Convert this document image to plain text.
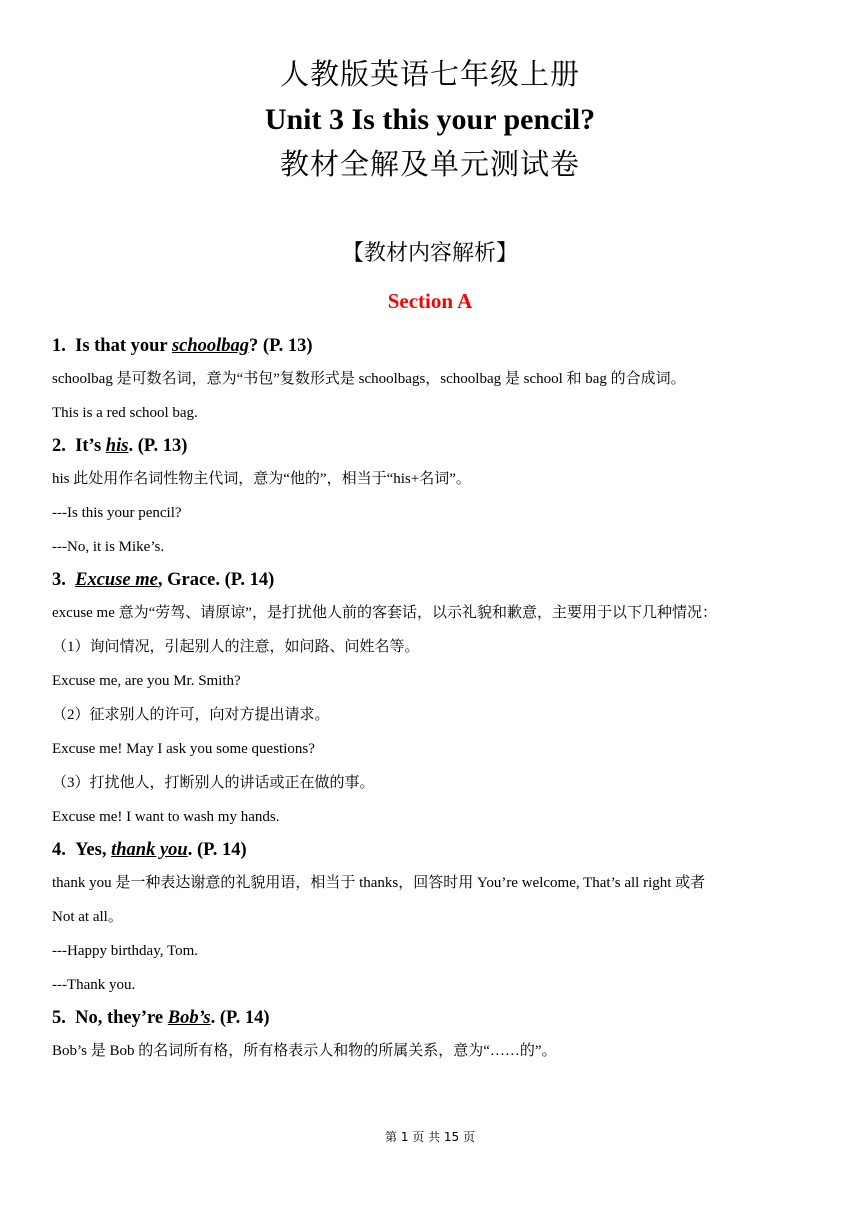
人教版英语七年级上册
Unit 3 Is this your pencil?
教材全解及单元测试卷
【教材内容解析】
Section A
1. Is that your schoolbag? (P. 13)
schoolbag 是可数名词，意为“书包”复数形式是 schoolbags，schoolbag 是 school 和 bag 的合成词。
This is a red school bag.
2. It’s his. (P. 13)
his 此处用作名词性物主代词，意为“他的”，相当于“his+名词”。
---Is this your pencil?
---No, it is Mike’s.
3. Excuse me, Grace. (P. 14)
excuse me 意为“劳驾、请原谅”，是打扰他人前的客套话，以示礼貌和歉意，主要用于以下几种情况：
（1）询问情况，引起别人的注意，如问路、问姓名等。
Excuse me, are you Mr. Smith?
（2）征求别人的许可，向对方提出请求。
Excuse me! May I ask you some questions?
（3）打扰他人，打断别人的讲话或正在做的事。
Excuse me! I want to wash my hands.
4. Yes, thank you. (P. 14)
thank you 是一种表达谢意的礼貌用语，相当于 thanks，回答时用 You’re welcome, That’s all right 或者
Not at all。
---Happy birthday, Tom.
---Thank you.
5. No, they’re Bob’s. (P. 14)
Bob’s 是 Bob 的名词所有格，所有格表示人和物的所属关系，意为“……的”。
第 1 页 共 15 页
